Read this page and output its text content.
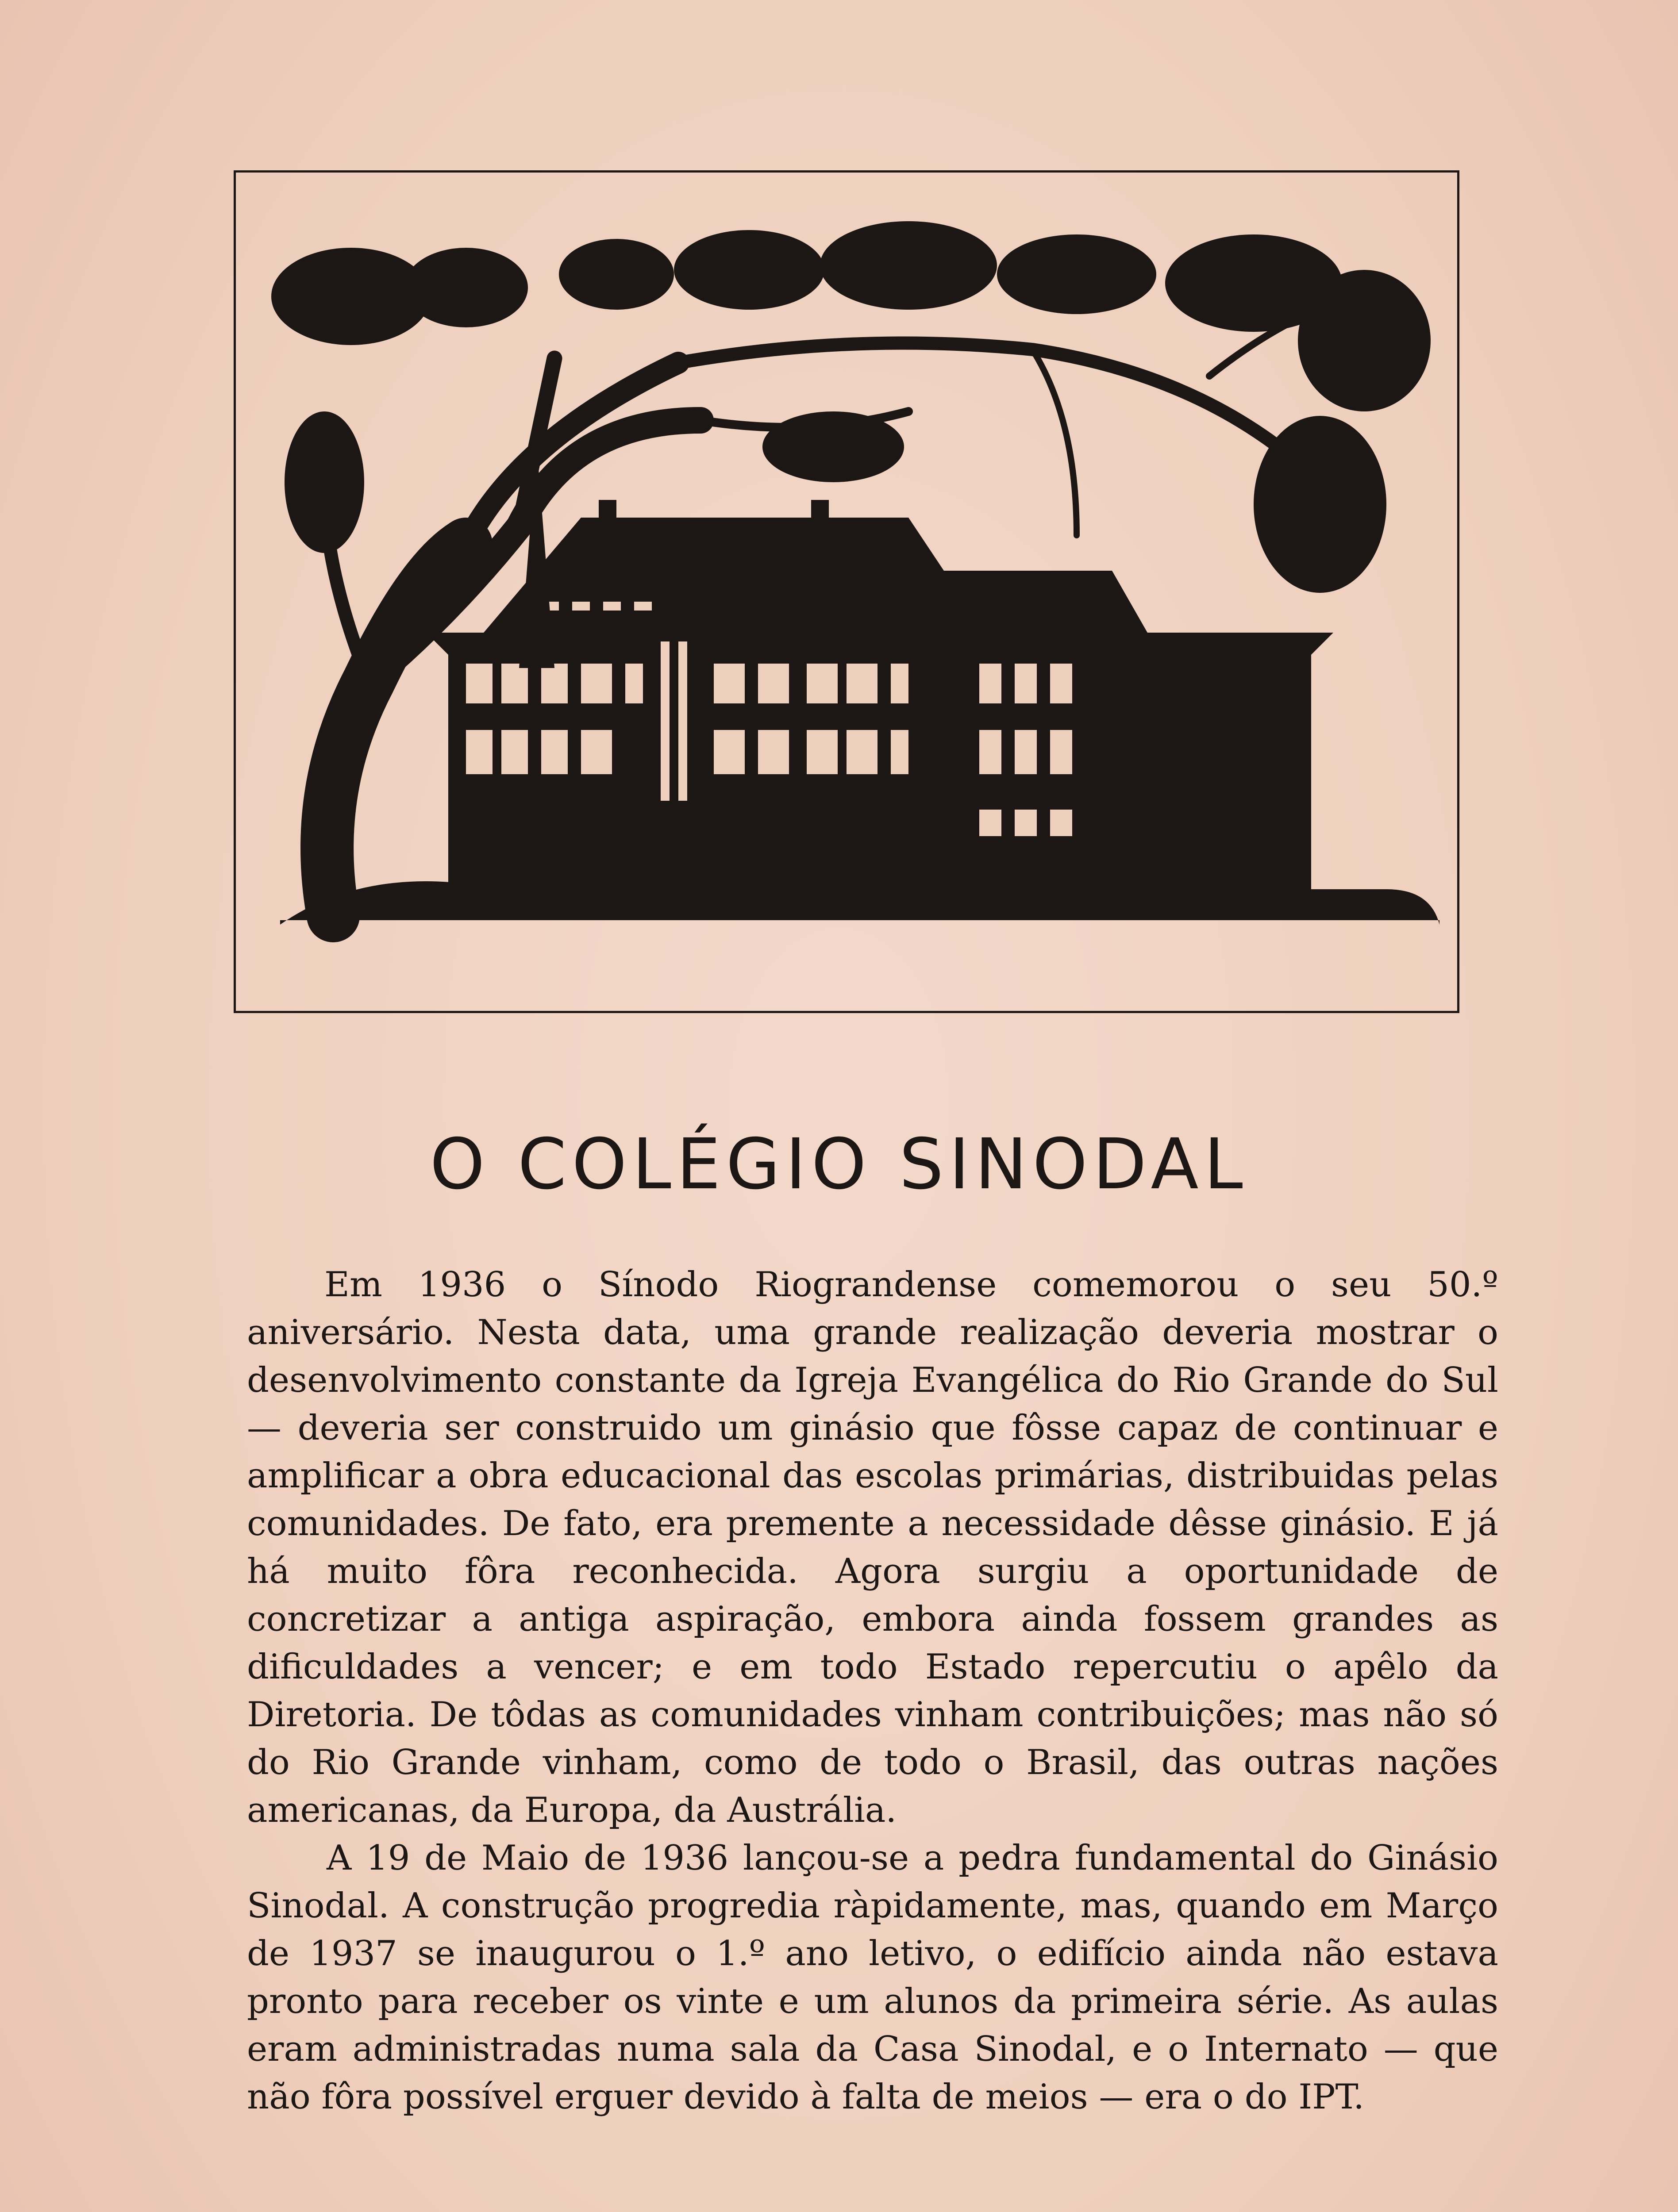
O COLÉGIO SINODAL

Em 1936 o Sínodo Riograndense comemorou o seu 50.º aniversário. Nesta data, uma grande realização deveria mostrar o desenvolvimento constante da Igreja Evangélica do Rio Grande do Sul — deveria ser construido um ginásio que fôsse capaz de continuar e amplificar a obra educacional das escolas primárias, distribuidas pelas comunidades. De fato, era premente a necessidade dêsse ginásio. E já há muito fôra reconhecida. Agora surgiu a oportunidade de concretizar a antiga aspiração, embora ainda fossem grandes as dificuldades a vencer; e em todo Estado repercutiu o apêlo da Diretoria. De tôdas as comunidades vinham contribuições; mas não só do Rio Grande vinham, como de todo o Brasil, das outras nações americanas, da Europa, da Austrália.

A 19 de Maio de 1936 lançou-se a pedra fundamental do Ginásio Sinodal. A construção progredia ràpidamente, mas, quando em Março de 1937 se inaugurou o 1.º ano letivo, o edifício ainda não estava pronto para receber os vinte e um alunos da primeira série. As aulas eram administradas numa sala da Casa Sinodal, e o Internato — que não fôra possível erguer devido à falta de meios — era o do IPT.
